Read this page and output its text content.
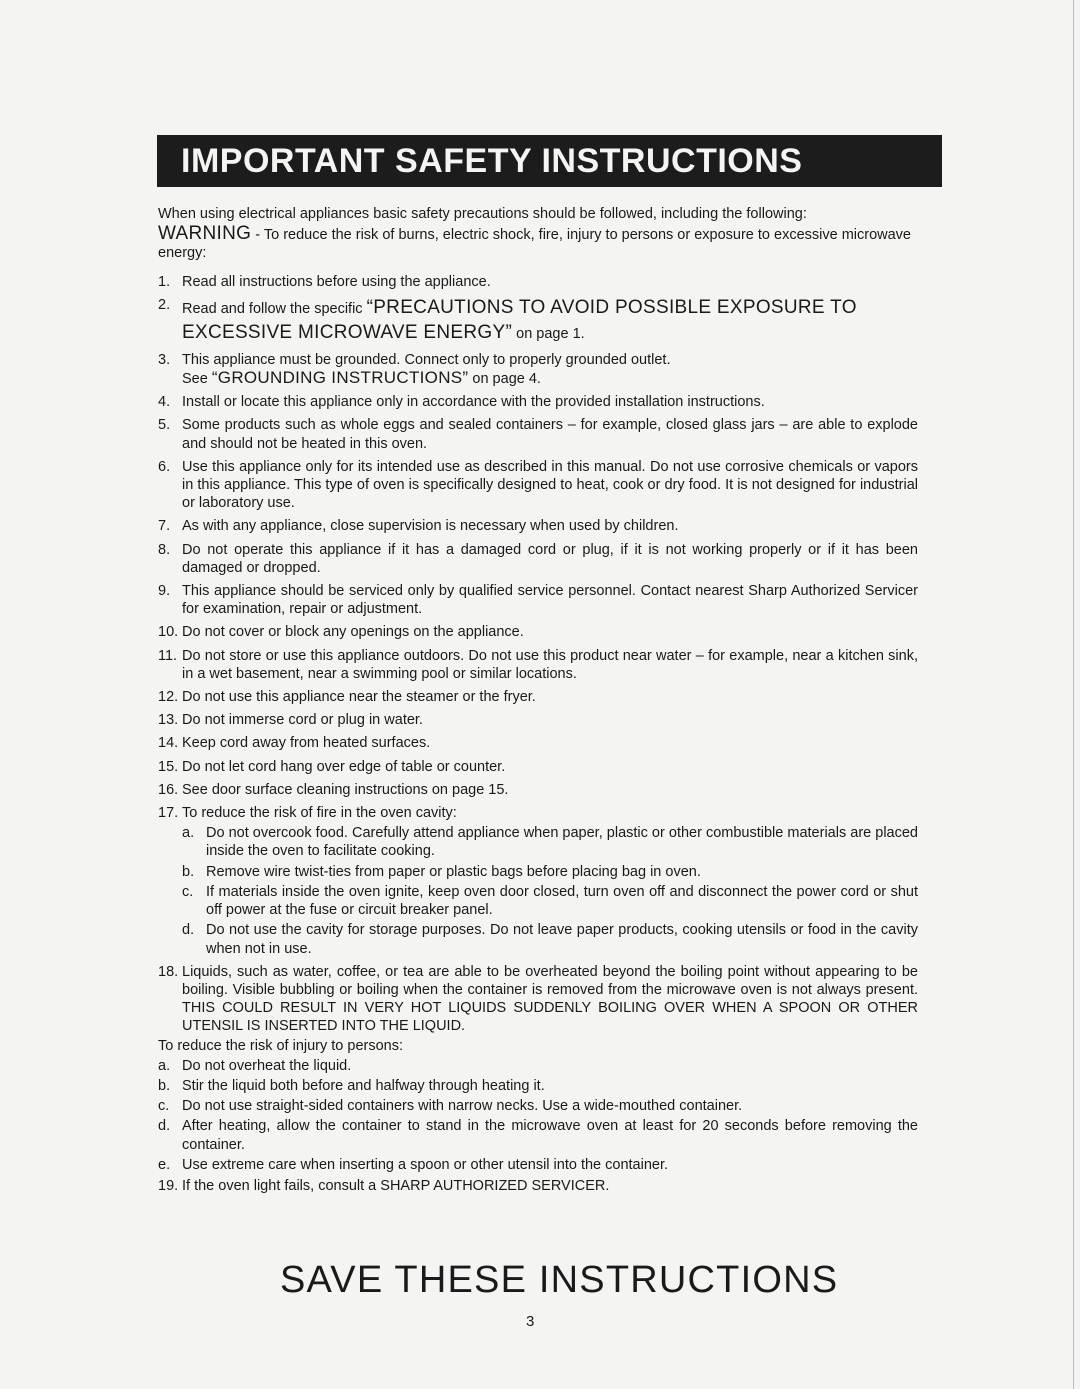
IMPORTANT SAFETY INSTRUCTIONS

When using electrical appliances basic safety precautions should be followed, including the following:

WARNING - To reduce the risk of burns, electric shock, fire, injury to persons or exposure to excessive microwave energy:

1. Read all instructions before using the appliance.
2. Read and follow the specific “PRECAUTIONS TO AVOID POSSIBLE EXPOSURE TO EXCESSIVE MICROWAVE ENERGY” on page 1.
3. This appliance must be grounded. Connect only to properly grounded outlet.
See “GROUNDING INSTRUCTIONS” on page 4.
4. Install or locate this appliance only in accordance with the provided installation instructions.
5. Some products such as whole eggs and sealed containers – for example, closed glass jars – are able to explode and should not be heated in this oven.
6. Use this appliance only for its intended use as described in this manual. Do not use corrosive chemicals or vapors in this appliance. This type of oven is specifically designed to heat, cook or dry food. It is not designed for industrial or laboratory use.
7. As with any appliance, close supervision is necessary when used by children.
8. Do not operate this appliance if it has a damaged cord or plug, if it is not working properly or if it has been damaged or dropped.
9. This appliance should be serviced only by qualified service personnel. Contact nearest Sharp Authorized Servicer for examination, repair or adjustment.
10. Do not cover or block any openings on the appliance.
11. Do not store or use this appliance outdoors. Do not use this product near water – for example, near a kitchen sink, in a wet basement, near a swimming pool or similar locations.
12. Do not use this appliance near the steamer or the fryer.
13. Do not immerse cord or plug in water.
14. Keep cord away from heated surfaces.
15. Do not let cord hang over edge of table or counter.
16. See door surface cleaning instructions on page 15.
17. To reduce the risk of fire in the oven cavity:
a. Do not overcook food. Carefully attend appliance when paper, plastic or other combustible materials are placed inside the oven to facilitate cooking.
b. Remove wire twist-ties from paper or plastic bags before placing bag in oven.
c. If materials inside the oven ignite, keep oven door closed, turn oven off and disconnect the power cord or shut off power at the fuse or circuit breaker panel.
d. Do not use the cavity for storage purposes. Do not leave paper products, cooking utensils or food in the cavity when not in use.
18. Liquids, such as water, coffee, or tea are able to be overheated beyond the boiling point without appearing to be boiling. Visible bubbling or boiling when the container is removed from the microwave oven is not always present. THIS COULD RESULT IN VERY HOT LIQUIDS SUDDENLY BOILING OVER WHEN A SPOON OR OTHER UTENSIL IS INSERTED INTO THE LIQUID.
To reduce the risk of injury to persons:
a. Do not overheat the liquid.
b. Stir the liquid both before and halfway through heating it.
c. Do not use straight-sided containers with narrow necks. Use a wide-mouthed container.
d. After heating, allow the container to stand in the microwave oven at least for 20 seconds before removing the container.
e. Use extreme care when inserting a spoon or other utensil into the container.
19. If the oven light fails, consult a SHARP AUTHORIZED SERVICER.
SAVE THESE INSTRUCTIONS
3
